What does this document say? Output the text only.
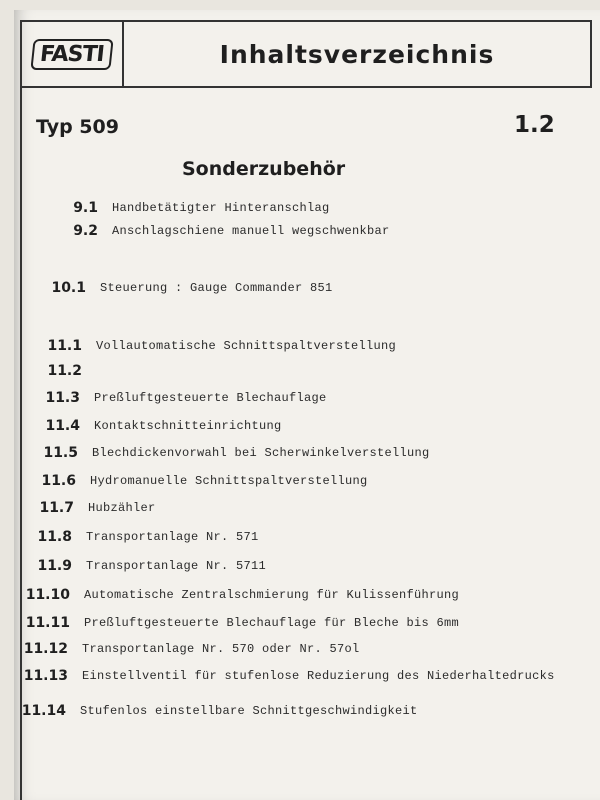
FASTI	Inhaltsverzeichnis
Typ 509	1.2
Sonderzubehör
9.1 Handbetätigter Hinteranschlag
9.2 Anschlagschiene manuell wegschwenkbar
10.1 Steuerung : Gauge Commander 851
11.1 Vollautomatische Schnittspaltverstellung
11.2
11.3 Preßluftgesteuerte Blechauflage
11.4 Kontaktschnitteinrichtung
11.5 Blechdickenvorwahl bei Scherwinkelverstellung
11.6 Hydromanuelle Schnittspaltverstellung
11.7 Hubzähler
11.8 Transportanlage Nr. 571
11.9 Transportanlage Nr. 5711
11.10 Automatische Zentralschmierung für Kulissenführung
11.11 Preßluftgesteuerte Blechauflage für Bleche bis 6mm
11.12 Transportanlage Nr. 570 oder Nr. 57ol
11.13 Einstellventil für stufenlose Reduzierung des Niederhaltedrucks
11.14 Stufenlos einstellbare Schnittgeschwindigkeit
